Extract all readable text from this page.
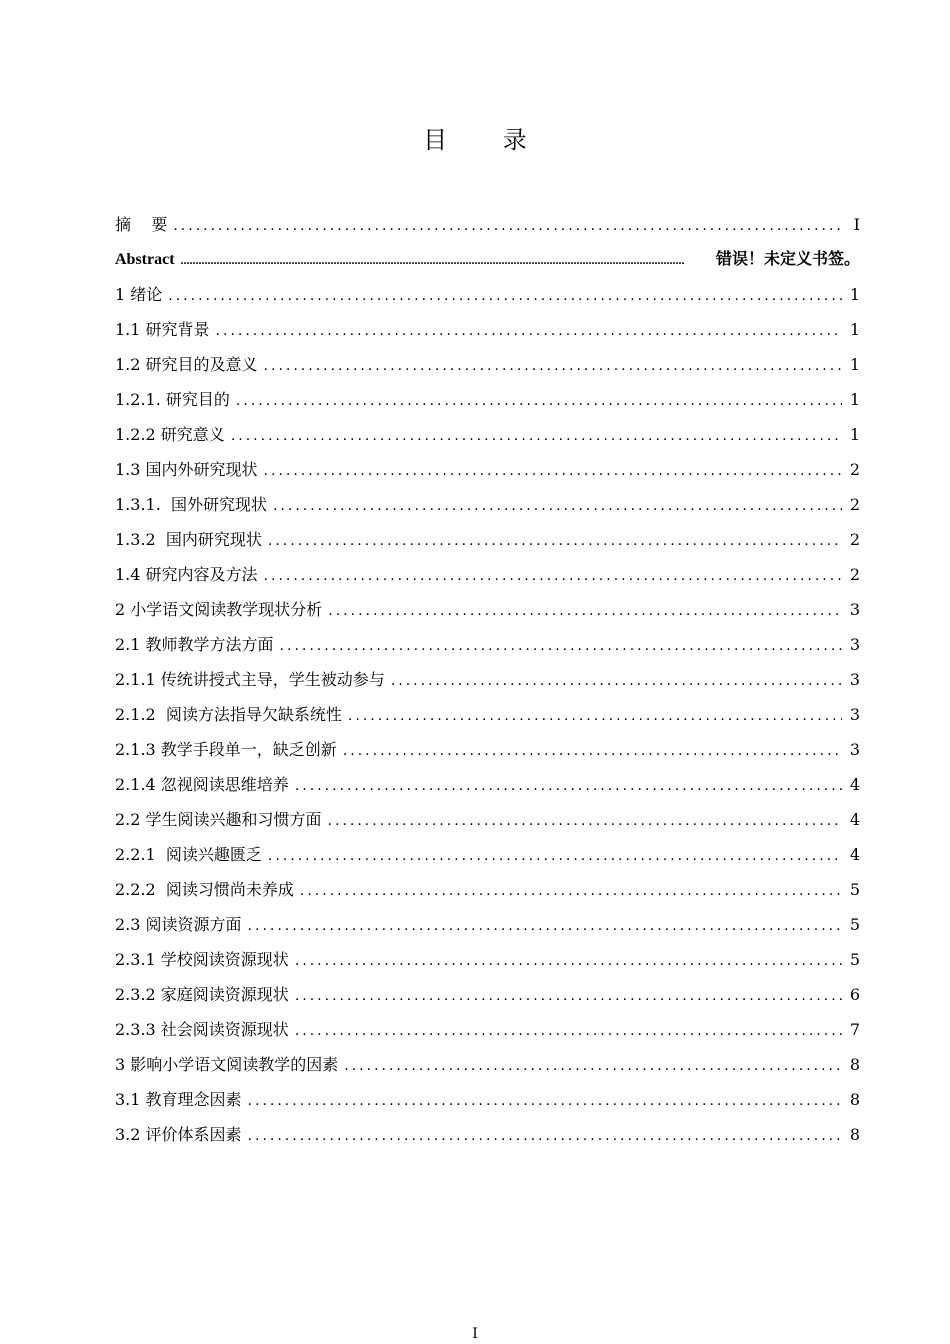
目 录
摘    要 .....	I
Abstract .....	错误！未定义书签。
1 绪论 .....	1
1.1 研究背景 .....	1
1.2 研究目的及意义 .....	1
1.2.1. 研究目的 .....	1
1.2.2 研究意义 .....	1
1.3 国内外研究现状 .....	2
1.3.1.  国外研究现状 .....	2
1.3.2  国内研究现状 .....	2
1.4 研究内容及方法 .....	2
2 小学语文阅读教学现状分析 .....	3
2.1 教师教学方法方面 .....	3
2.1.1 传统讲授式主导，学生被动参与 .....	3
2.1.2  阅读方法指导欠缺系统性 .....	3
2.1.3 教学手段单一，缺乏创新 .....	3
2.1.4 忽视阅读思维培养 .....	4
2.2 学生阅读兴趣和习惯方面 .....	4
2.2.1  阅读兴趣匮乏 .....	4
2.2.2  阅读习惯尚未养成 .....	5
2.3 阅读资源方面 .....	5
2.3.1 学校阅读资源现状 .....	5
2.3.2 家庭阅读资源现状 .....	6
2.3.3 社会阅读资源现状 .....	7
3 影响小学语文阅读教学的因素 .....	8
3.1 教育理念因素 .....	8
3.2 评价体系因素 .....	8
I
